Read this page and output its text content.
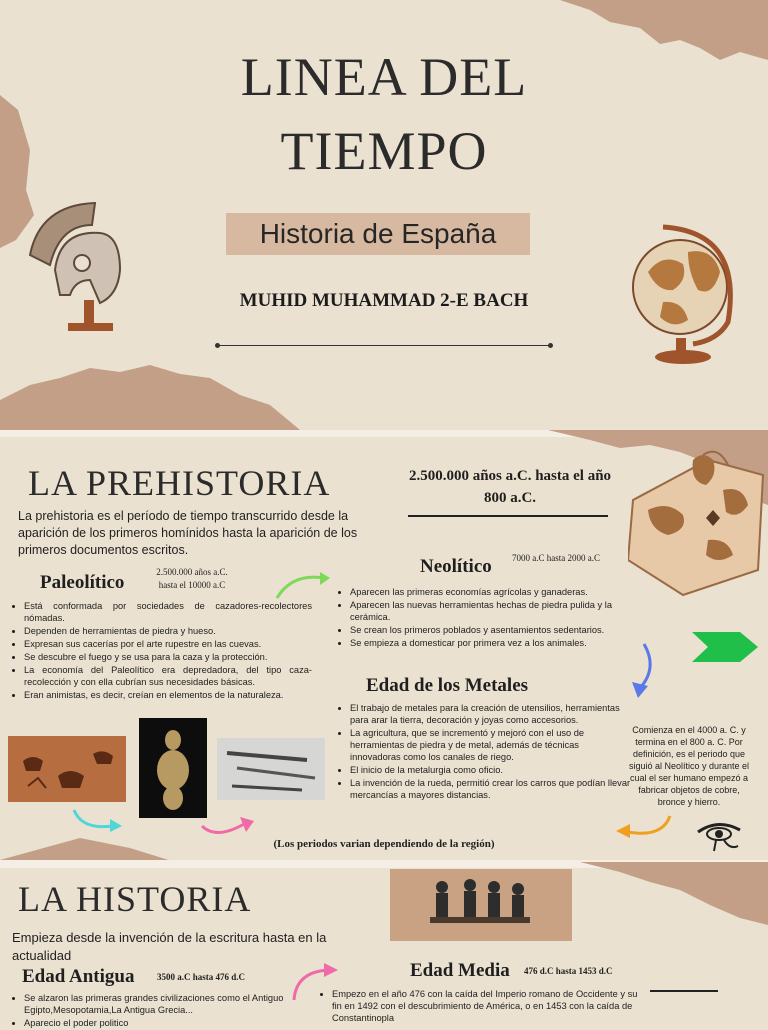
LINEA DEL
TIEMPO
Historia de España
MUHID MUHAMMAD 2-E BACH
LA PREHISTORIA
La prehistoria es el período de tiempo transcurrido desde la aparición de los primeros homínidos hasta la aparición de los primeros documentos escritos.
2.500.000 años a.C. hasta el año 800 a.C.
Paleolítico	2.500.000 años a.C. hasta el 10000 a.C
• Está conformada por sociedades de cazadores-recolectores nómadas.
• Dependen de herramientas de piedra y hueso.
• Expresan sus cacerías por el arte rupestre en las cuevas.
• Se descubre el fuego y se usa para la caza y la protección.
• La economía del Paleolítico era depredadora, del tipo caza-recolección y con ella cubrían sus necesidades básicas.
• Eran animistas, es decir, creían en elementos de la naturaleza.
Neolítico	7000 a.C hasta 2000 a.C
• Aparecen las primeras economías agrícolas y ganaderas.
• Aparecen las nuevas herramientas hechas de piedra pulida y la cerámica.
• Se crean los primeros poblados y asentamientos sedentarios.
• Se empieza a domesticar por primera vez a los animales.
Edad de los Metales
• El trabajo de metales para la creación de utensilios, herramientas para arar la tierra, decoración y joyas como accesorios.
• La agricultura, que se incrementó y mejoró con el uso de herramientas de piedra y de metal, además de técnicas innovadoras como los canales de riego.
• El inicio de la metalurgia como oficio.
• La invención de la rueda, permitió crear los carros que podían llevar mercancías a mayores distancias.
Comienza en el 4000 a. C. y termina en el 800 a. C. Por definición, es el periodo que siguió al Neolítico y durante el cual el ser humano empezó a fabricar objetos de cobre, bronce y hierro.
(Los periodos varian dependiendo de la región)
LA HISTORIA
Empieza desde la invención de la escritura hasta en la actualidad
Edad Antigua	3500 a.C hasta 476 d.C
• Se alzaron las primeras grandes civilizaciones como el Antiguo Egipto,Mesopotamia,La Antigua Grecia...
• Aparecio el poder politico
Edad Media 476 d.C hasta 1453 d.C
• Empezo en el año 476 con la caída del Imperio romano de Occidente y su fin en 1492 con el descubrimiento de América, o en 1453 con la caída de Constantinopla
